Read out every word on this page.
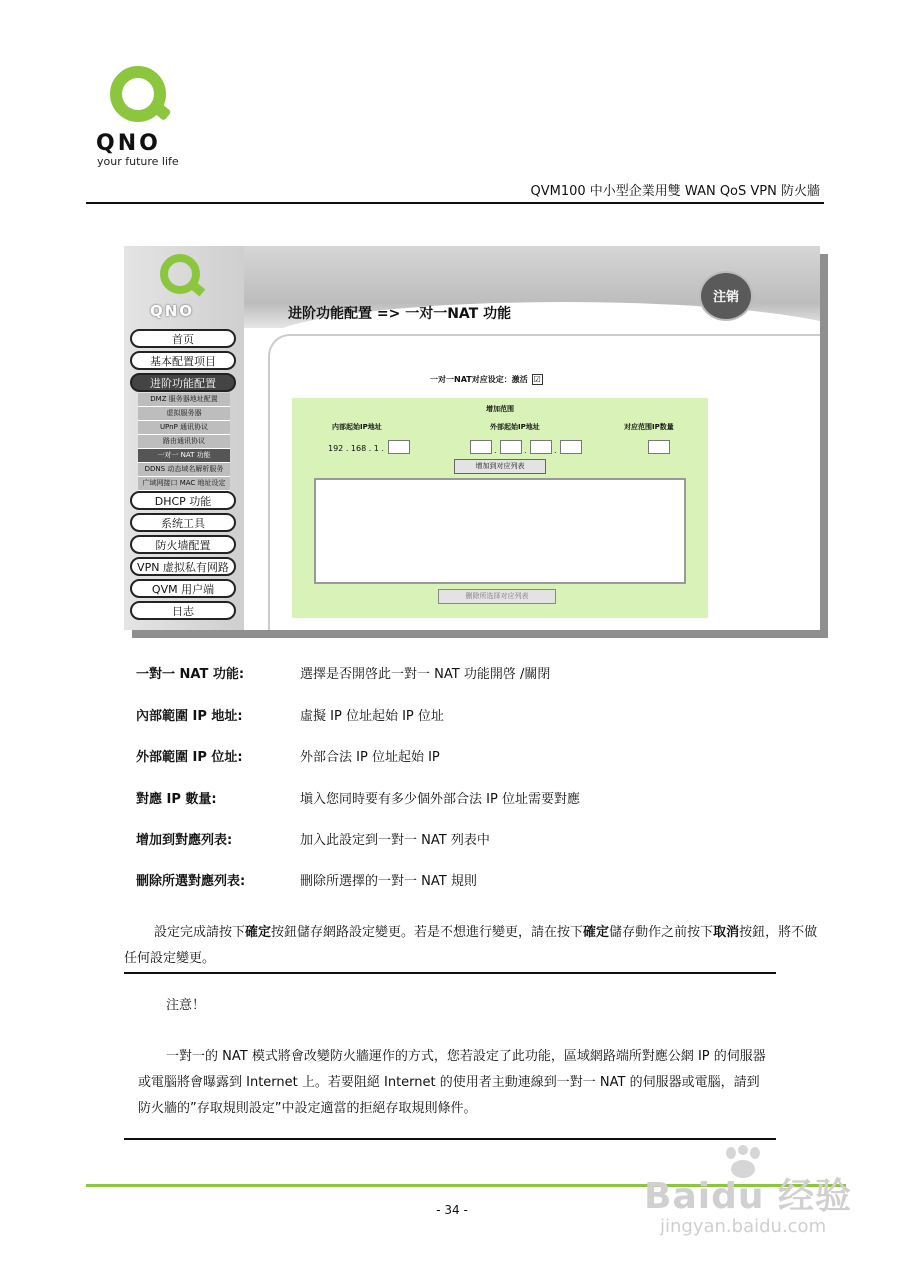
QNO
your future life
QVM100 中小型企業用雙 WAN QoS VPN 防火牆
QNO
注销
进阶功能配置 => 一对一NAT 功能
首页
基本配置项目
进阶功能配置
DMZ 服务器地址配置
虚拟服务器
UPnP 通讯协议
路由通讯协议
一对一 NAT 功能
DDNS 动态域名解析服务
广域网接口 MAC 地址设定
DHCP 功能
系统工具
防火墙配置
VPN 虚拟私有网路
QVM 用户端
日志
一对一NAT对应设定：激活 ☑
增加范围
内部起始IP地址	外部起始IP地址	对应范围IP数量
192 . 168 . 1 .	.	.	.
增加到对应列表
删除所选择对应列表
一對一 NAT 功能:	選擇是否開啓此一對一 NAT 功能開啓 /關閉
內部範圍 IP 地址:	虛擬 IP 位址起始 IP 位址
外部範圍 IP 位址:	外部合法 IP 位址起始 IP
對應 IP 數量:	塡入您同時要有多少個外部合法 IP 位址需要對應
增加到對應列表:	加入此設定到一對一 NAT 列表中
刪除所選對應列表:	刪除所選擇的一對一 NAT 規則
設定完成請按下確定按鈕儲存網路設定變更。若是不想進行變更，請在按下確定儲存動作之前按下取消按鈕，將不做任何設定變更。
注意！
一對一的 NAT 模式將會改變防火牆運作的方式，您若設定了此功能，區域網路端所對應公網 IP 的伺服器或電腦將會曝露到 Internet 上。若要阻絕 Internet 的使用者主動連線到一對一 NAT 的伺服器或電腦，請到防火牆的”存取規則設定”中設定適當的拒絕存取規則條件。
- 34 -	Baidu 经验
jingyan.baidu.com
